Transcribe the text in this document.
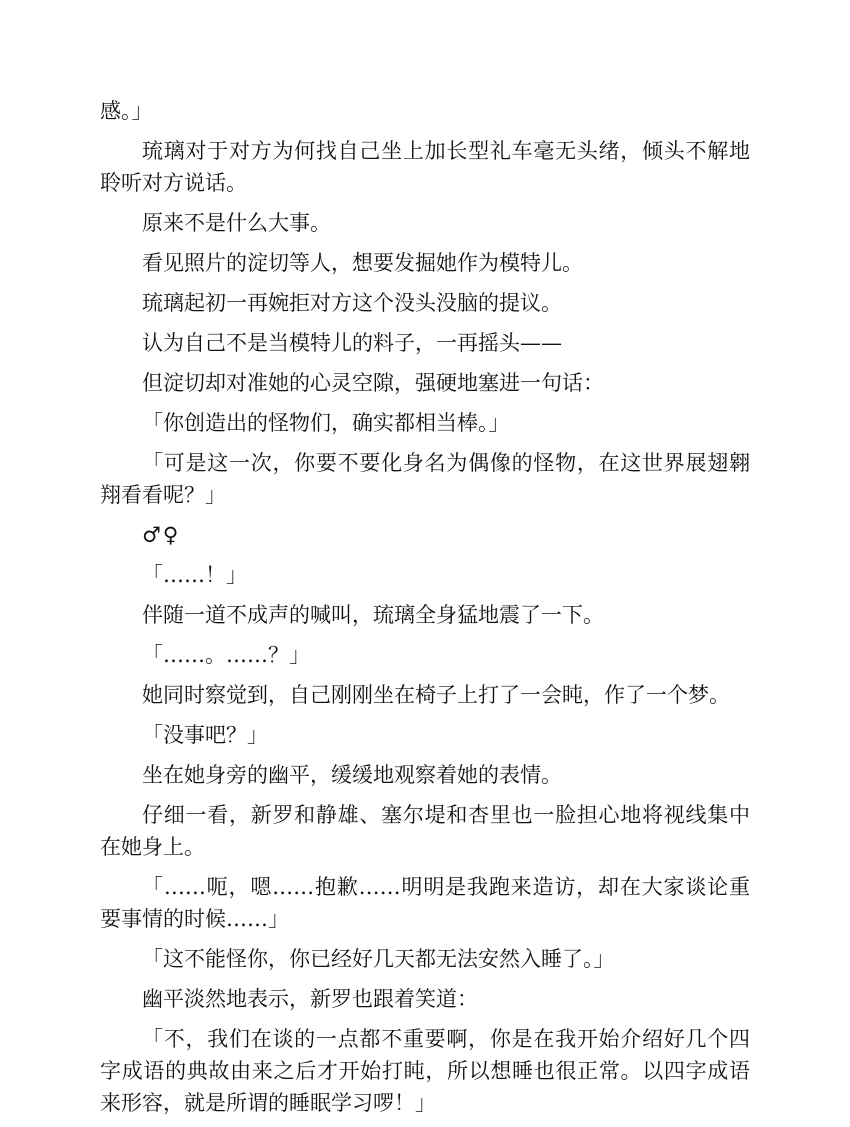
感。」

琉璃对于对方为何找自己坐上加长型礼车毫无头绪，倾头不解地聆听对方说话。

原来不是什么大事。

看见照片的淀切等人，想要发掘她作为模特儿。

琉璃起初一再婉拒对方这个没头没脑的提议。

认为自己不是当模特儿的料子，一再摇头——

但淀切却对准她的心灵空隙，强硬地塞进一句话：

「你创造出的怪物们，确实都相当棒。」

「可是这一次，你要不要化身名为偶像的怪物，在这世界展翅翱翔看看呢？」

♂♀

「……！」

伴随一道不成声的喊叫，琉璃全身猛地震了一下。

「……。……？」

她同时察觉到，自己刚刚坐在椅子上打了一会盹，作了一个梦。

「没事吧？」

坐在她身旁的幽平，缓缓地观察着她的表情。

仔细一看，新罗和静雄、塞尔堤和杏里也一脸担心地将视线集中在她身上。

「……呃，嗯……抱歉……明明是我跑来造访，却在大家谈论重要事情的时候……」

「这不能怪你，你已经好几天都无法安然入睡了。」

幽平淡然地表示，新罗也跟着笑道：

「不，我们在谈的一点都不重要啊，你是在我开始介绍好几个四字成语的典故由来之后才开始打盹，所以想睡也很正常。以四字成语来形容，就是所谓的睡眠学习啰！」
